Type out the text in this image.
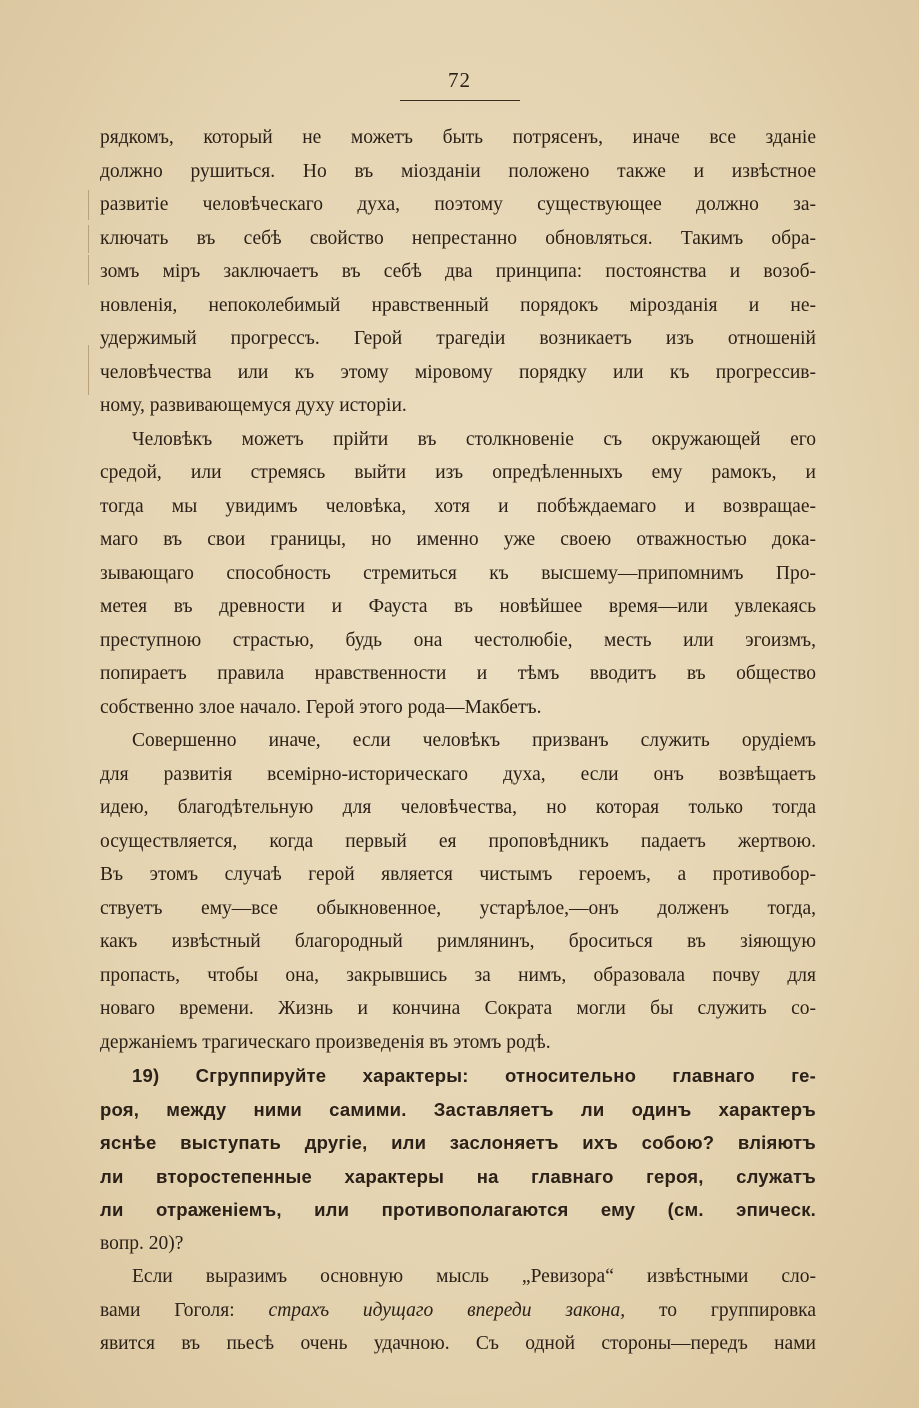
72
рядкомъ, который не можетъ быть потрясенъ, иначе все зданіе
должно рушиться. Но въ міозданіи положено также и извѣстное
развитіе человѣческаго духа, поэтому существующее должно за-
ключать въ себѣ свойство непрестанно обновляться. Такимъ обра-
зомъ міръ заключаетъ въ себѣ два принципа: постоянства и возоб-
новленія, непоколебимый нравственный порядокъ мірозданія и не-
удержимый прогрессъ. Герой трагедіи возникаетъ изъ отношеній
человѣчества или къ этому міровому порядку или къ прогрессив-
ному, развивающемуся духу исторіи.
Человѣкъ можетъ прійти въ столкновеніе съ окружающей его
средой, или стремясь выйти изъ опредѣленныхъ ему рамокъ, и
тогда мы увидимъ человѣка, хотя и побѣждаемаго и возвращае-
маго въ свои границы, но именно уже своею отважностью дока-
зывающаго способность стремиться къ высшему—припомнимъ Про-
метея въ древности и Фауста въ новѣйшее время—или увлекаясь
преступною страстью, будь она честолюбіе, месть или эгоизмъ,
попираетъ правила нравственности и тѣмъ вводитъ въ общество
собственно злое начало. Герой этого рода—Макбетъ.
Совершенно иначе, если человѣкъ призванъ служить орудіемъ
для развитія всемірно-историческаго духа, если онъ возвѣщаетъ
идею, благодѣтельную для человѣчества, но которая только тогда
осуществляется, когда первый ея проповѣдникъ падаетъ жертвою.
Въ этомъ случаѣ герой является чистымъ героемъ, а противобор-
ствуетъ ему—все обыкновенное, устарѣлое,—онъ долженъ тогда,
какъ извѣстный благородный римлянинъ, броситься въ зіяющую
пропасть, чтобы она, закрывшись за нимъ, образовала почву для
новаго времени. Жизнь и кончина Сократа могли бы служить со-
держаніемъ трагическаго произведенія въ этомъ родѣ.
19) Сгруппируйте характеры: относительно главнаго ге-
роя, между ними самими. Заставляетъ ли одинъ характеръ
яснѣе выступать другіе, или заслоняетъ ихъ собою? вліяютъ
ли второстепенные характеры на главнаго героя, служатъ
ли отраженіемъ, или противополагаются ему (см. эпическ.
вопр. 20)?
Если выразимъ основную мысль „Ревизора“ извѣстными сло-
вами Гоголя: страхъ идущаго впереди закона, то группировка
явится въ пьесѣ очень удачною. Съ одной стороны—передъ нами
